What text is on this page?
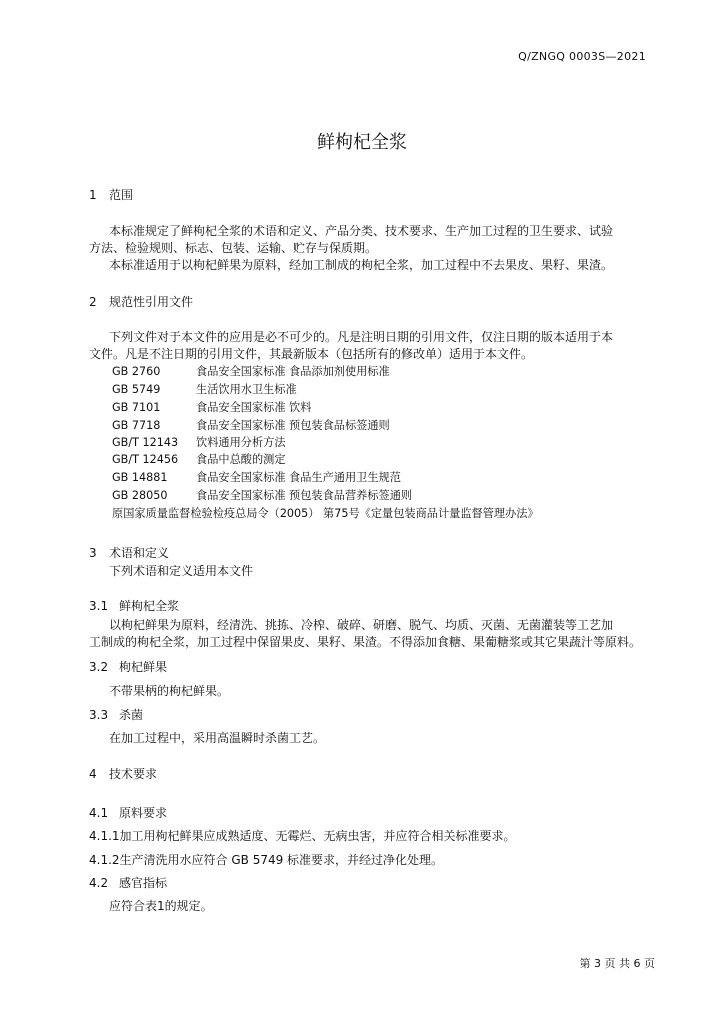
Q/ZNGQ 0003S—2021
鲜枸杞全浆
1 范围
本标准规定了鲜枸杞全浆的术语和定义、产品分类、技术要求、生产加工过程的卫生要求、试验
方法、检验规则、标志、包装、运输、贮存与保质期。
本标准适用于以枸杞鲜果为原料，经加工制成的枸杞全浆，加工过程中不去果皮、果籽、果渣。
2 规范性引用文件
下列文件对于本文件的应用是必不可少的。凡是注明日期的引用文件，仅注日期的版本适用于本
文件。凡是不注日期的引用文件，其最新版本（包括所有的修改单）适用于本文件。
GB 2760	食品安全国家标准 食品添加剂使用标准
GB 5749	生活饮用水卫生标准
GB 7101	食品安全国家标准 饮料
GB 7718	食品安全国家标准 预包装食品标签通则
GB/T 12143 饮料通用分析方法
GB/T 12456 食品中总酸的测定
GB 14881	食品安全国家标准 食品生产通用卫生规范
GB 28050	食品安全国家标准 预包装食品营养标签通则
原国家质量监督检验检疫总局令（2005） 第75号《定量包装商品计量监督管理办法》
3 术语和定义
下列术语和定义适用本文件
3.1 鲜枸杞全浆
以枸杞鲜果为原料，经清洗、挑拣、冷榨、破碎、研磨、脱气、均质、灭菌、无菌灌装等工艺加
工制成的枸杞全浆，加工过程中保留果皮、果籽、果渣。不得添加食糖、果葡糖浆或其它果蔬汁等原料。
3.2 枸杞鲜果
不带果柄的枸杞鲜果。
3.3 杀菌
在加工过程中，采用高温瞬时杀菌工艺。
4 技术要求
4.1 原料要求
4.1.1加工用枸杞鲜果应成熟适度、无霉烂、无病虫害，并应符合相关标准要求。
4.1.2生产清洗用水应符合 GB 5749 标准要求，并经过净化处理。
4.2 感官指标
应符合表1的规定。
第 3 页 共 6 页
